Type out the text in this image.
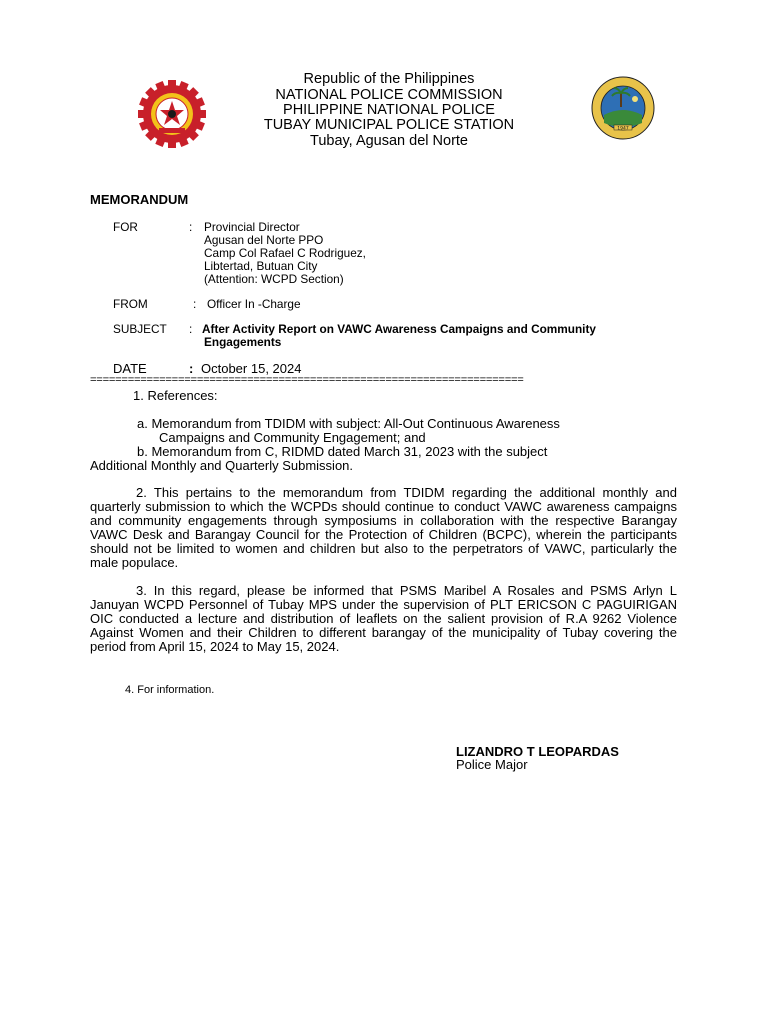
1947
Republic of the Philippines
NATIONAL POLICE COMMISSION
PHILIPPINE NATIONAL POLICE
TUBAY MUNICIPAL POLICE STATION
Tubay, Agusan del Norte
MEMORANDUM
FOR	: Provincial Director
Agusan del Norte PPO
Camp Col Rafael C Rodriguez,
Libtertad, Butuan City
(Attention: WCPD Section)
FROM	: Officer In -Charge
SUBJECT : After Activity Report on VAWC Awareness Campaigns and Community
Engagements
DATE	: October 15, 2024
=====================================================================
1. References:
a. Memorandum from TDIDM with subject: All-Out Continuous Awareness
Campaigns and Community Engagement; and
b. Memorandum from C, RIDMD dated March 31, 2023 with the subject
Additional Monthly and Quarterly Submission.

2. This pertains to the memorandum from TDIDM regarding the additional monthly and quarterly submission to which the WCPDs should continue to conduct VAWC awareness campaigns and community engagements through symposiums in collaboration with the respective Barangay VAWC Desk and Barangay Council for the Protection of Children (BCPC), wherein the participants should not be limited to women and children but also to the perpetrators of VAWC, particularly the male populace.

3. In this regard, please be informed that PSMS Maribel A Rosales and PSMS Arlyn L Januyan WCPD Personnel of Tubay MPS under the supervision of PLT ERICSON C PAGUIRIGAN OIC conducted a lecture and distribution of leaflets on the salient provision of R.A 9262 Violence Against Women and their Children to different barangay of the municipality of Tubay covering the period from April 15, 2024 to May 15, 2024.

4. For information.
LIZANDRO T LEOPARDAS
Police Major
